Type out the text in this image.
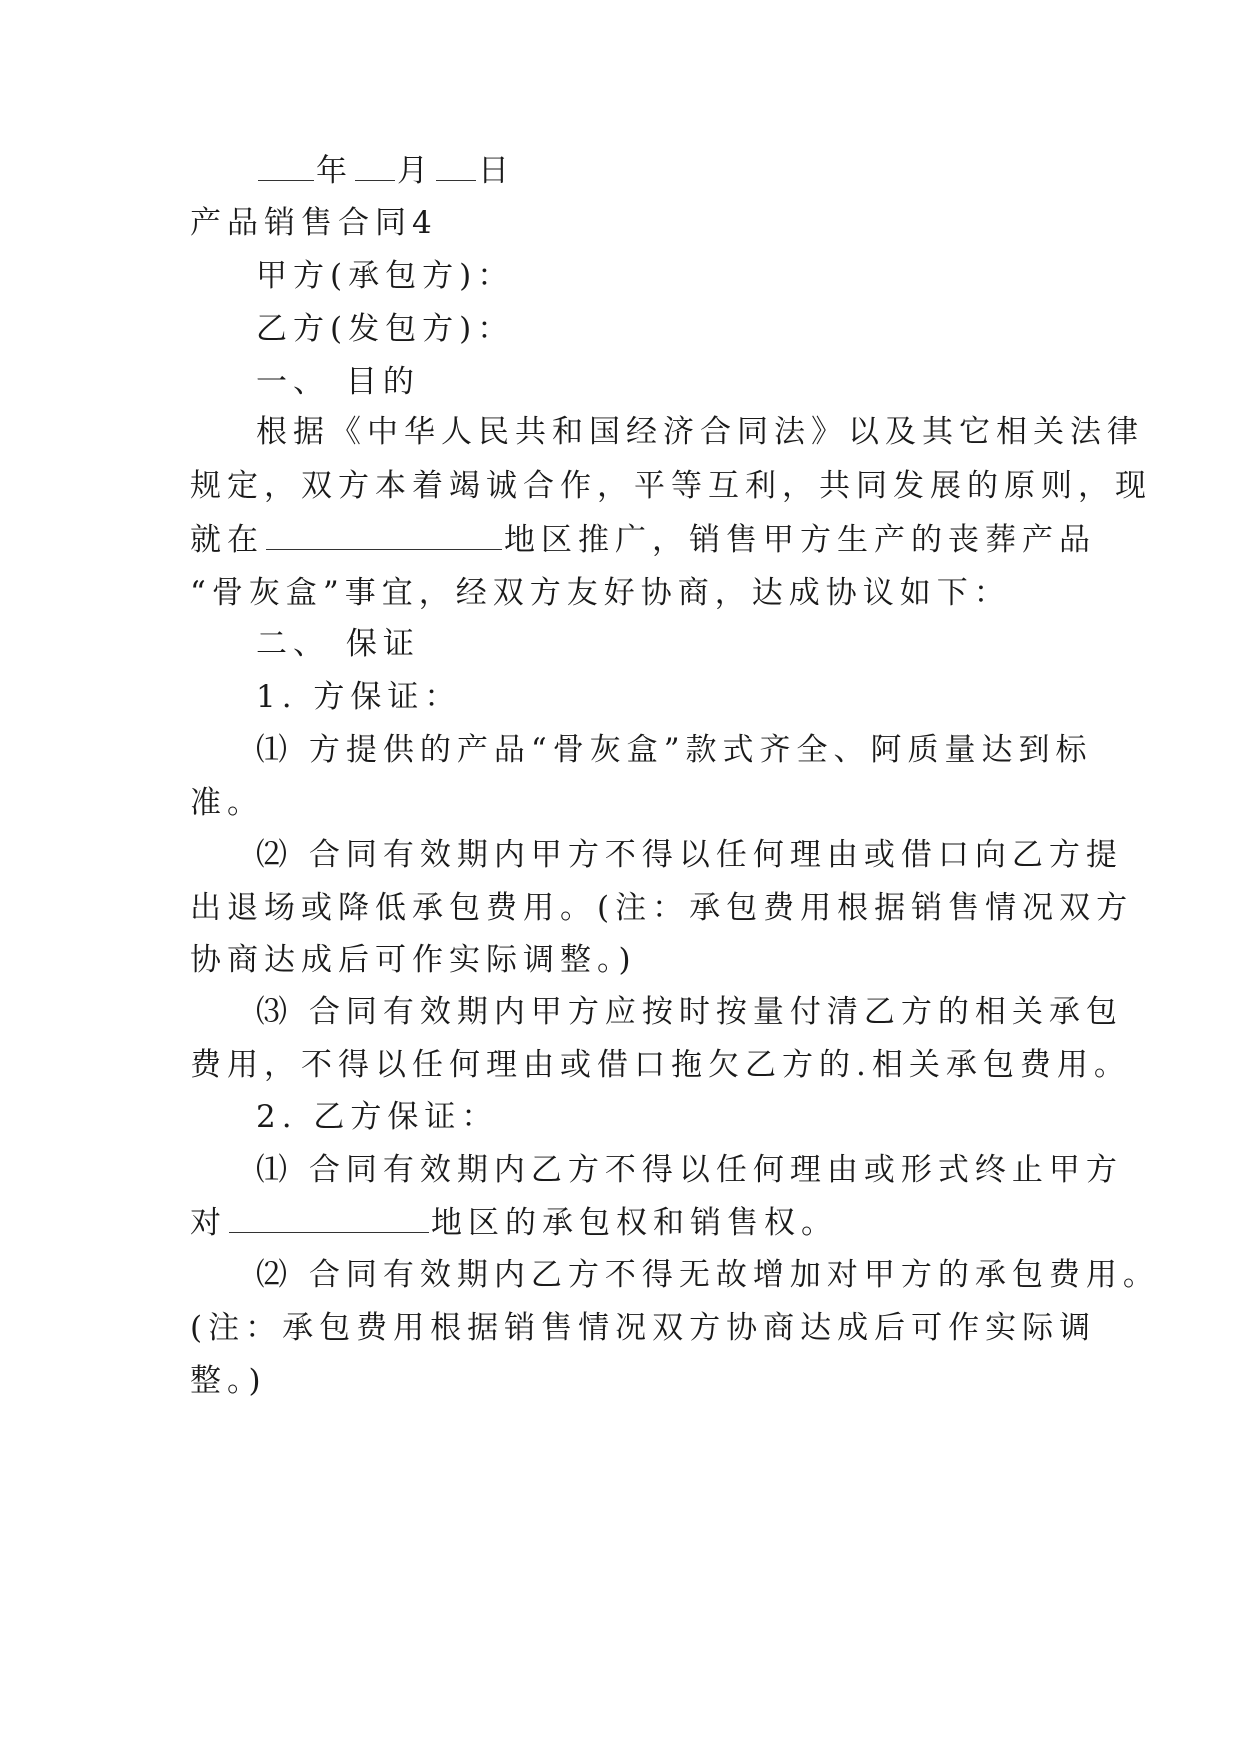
年 月 日
产品销售合同4
甲方(承包方)：
乙方(发包方)：
一、 目的
根据《中华人民共和国经济合同法》以及其它相关法律
规定，双方本着竭诚合作，平等互利，共同发展的原则，现
就在	地区推广，销售甲方生产的丧葬产品
“骨灰盒”事宜，经双方友好协商，达成协议如下：
二、 保证
1. 方保证：
⑴ 方提供的产品“骨灰盒”款式齐全、阿质量达到标
准。
⑵ 合同有效期内甲方不得以任何理由或借口向乙方提
出退场或降低承包费用。(注：承包费用根据销售情况双方
协商达成后可作实际调整。)
⑶ 合同有效期内甲方应按时按量付清乙方的相关承包
费用，不得以任何理由或借口拖欠乙方的.相关承包费用。
2. 乙方保证：
⑴ 合同有效期内乙方不得以任何理由或形式终止甲方
对	地区的承包权和销售权。
⑵ 合同有效期内乙方不得无故增加对甲方的承包费用。
(注：承包费用根据销售情况双方协商达成后可作实际调
整。)
